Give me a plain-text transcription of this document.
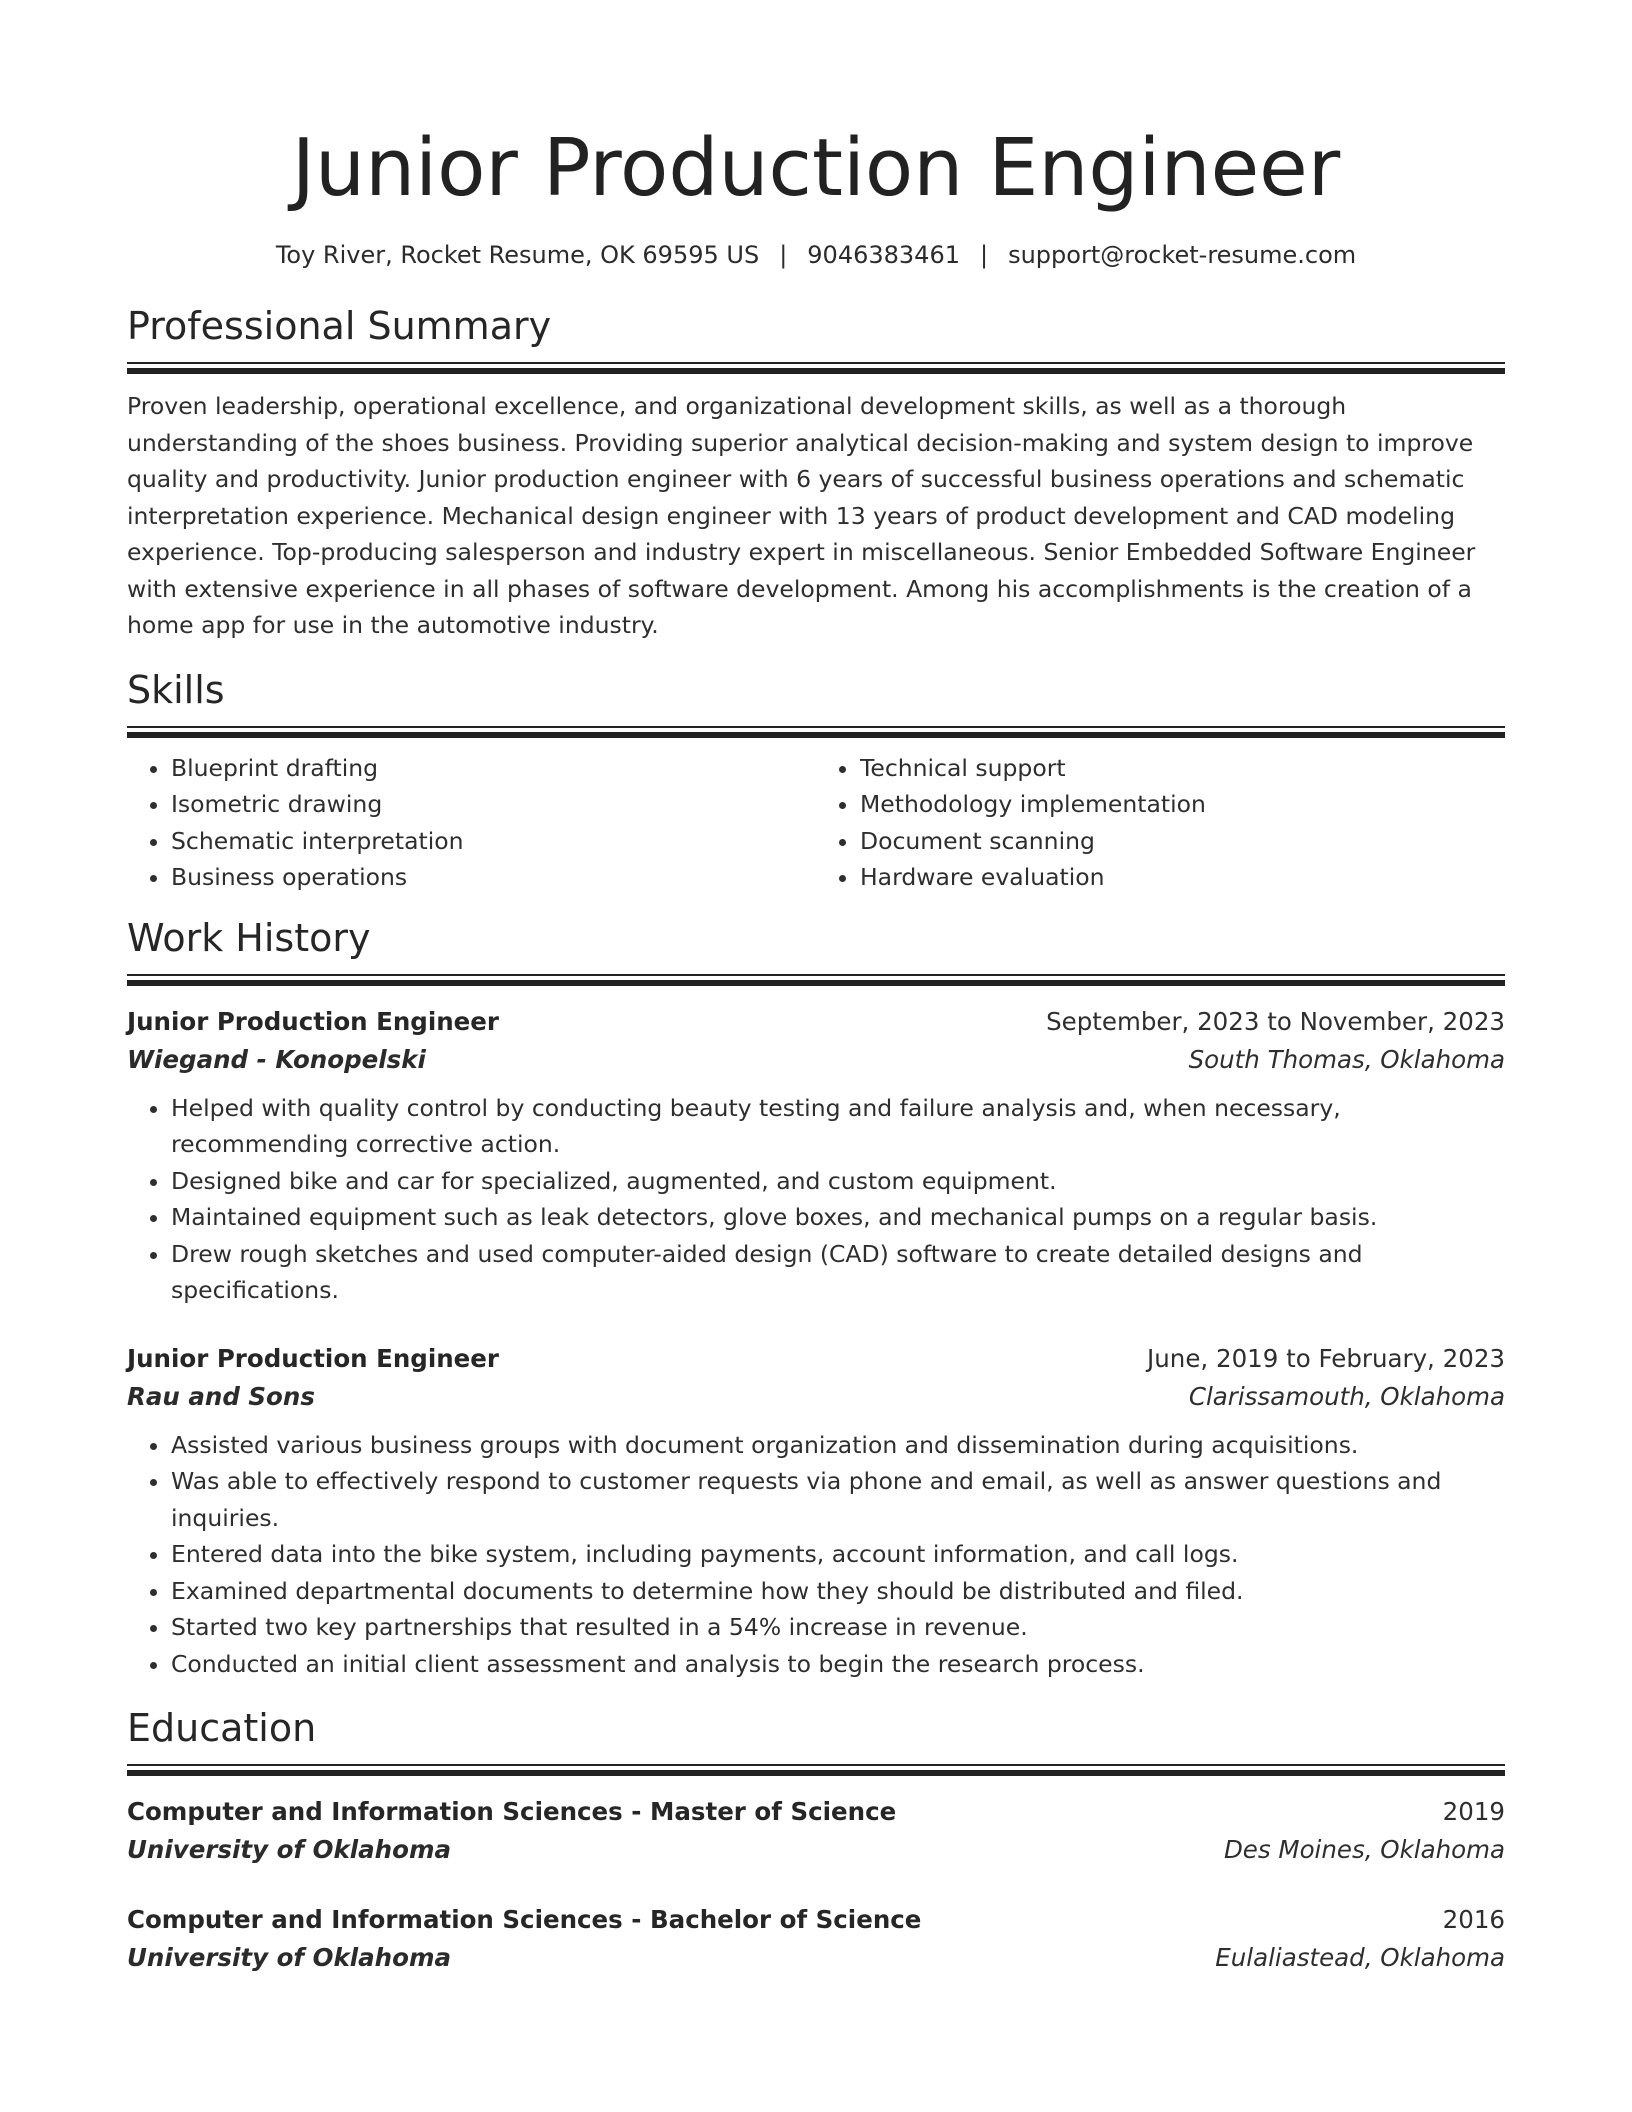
Junior Production Engineer
Toy River, Rocket Resume, OK 69595 US | 9046383461 | support@rocket-resume.com
Professional Summary

Proven leadership, operational excellence, and organizational development skills, as well as a thorough understanding of the shoes business. Providing superior analytical decision-making and system design to improve quality and productivity. Junior production engineer with 6 years of successful business operations and schematic interpretation experience. Mechanical design engineer with 13 years of product development and CAD modeling experience. Top-producing salesperson and industry expert in miscellaneous. Senior Embedded Software Engineer with extensive experience in all phases of software development. Among his accomplishments is the creation of a home app for use in the automotive industry.

Skills
• Blueprint drafting
• Isometric drawing
• Schematic interpretation
• Business operations
• Technical support
• Methodology implementation
• Document scanning
• Hardware evaluation
Work History
Junior Production Engineer	September, 2023 to November, 2023
Wiegand - Konopelski	South Thomas, Oklahoma
• Helped with quality control by conducting beauty testing and failure analysis and, when necessary, recommending corrective action.
• Designed bike and car for specialized, augmented, and custom equipment.
• Maintained equipment such as leak detectors, glove boxes, and mechanical pumps on a regular basis.
• Drew rough sketches and used computer-aided design (CAD) software to create detailed designs and specifications.
Junior Production Engineer	June, 2019 to February, 2023
Rau and Sons	Clarissamouth, Oklahoma
• Assisted various business groups with document organization and dissemination during acquisitions.
• Was able to effectively respond to customer requests via phone and email, as well as answer questions and inquiries.
• Entered data into the bike system, including payments, account information, and call logs.
• Examined departmental documents to determine how they should be distributed and filed.
• Started two key partnerships that resulted in a 54% increase in revenue.
• Conducted an initial client assessment and analysis to begin the research process.
Education
Computer and Information Sciences - Master of Science	2019
University of Oklahoma	Des Moines, Oklahoma
Computer and Information Sciences - Bachelor of Science	2016
University of Oklahoma	Eulaliastead, Oklahoma
